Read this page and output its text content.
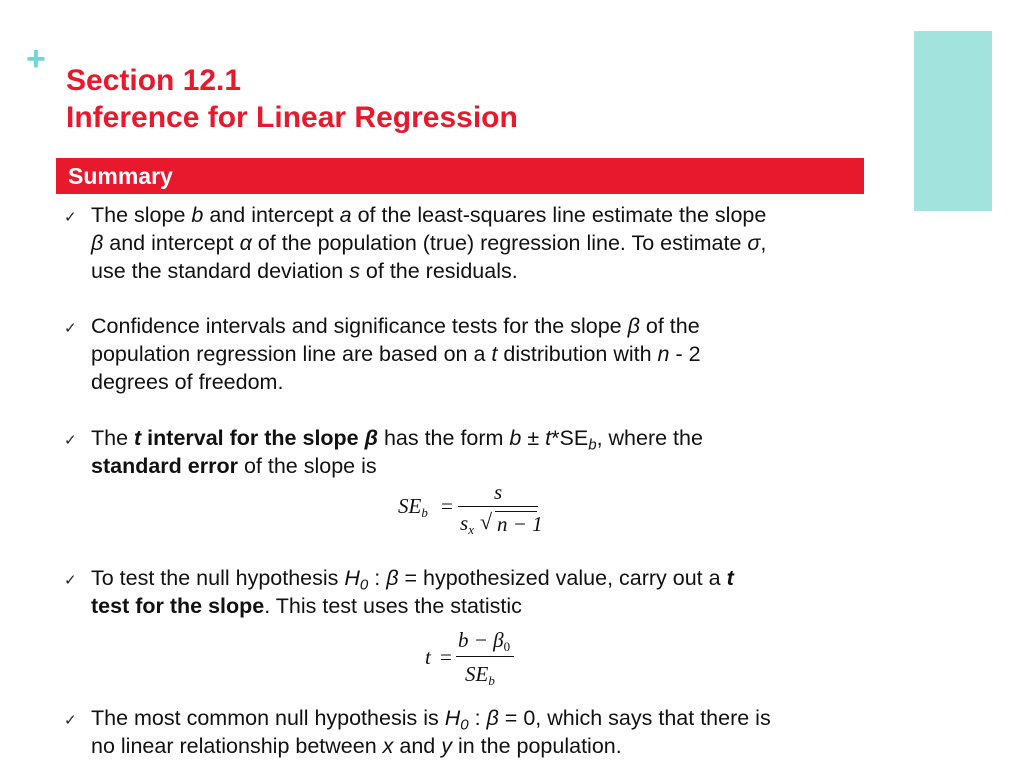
+
Section 12.1
Inference for Linear Regression
Summary
✓ The slope b and intercept a of the least-squares line estimate the slope
β and intercept α of the population (true) regression line. To estimate σ,
use the standard deviation s of the residuals.
✓ Confidence intervals and significance tests for the slope β of the
population regression line are based on a t distribution with n - 2
degrees of freedom.
✓ The t interval for the slope β has the form $b \pm t*SE_b$, where the
standard error of the slope is
$SE_b$ =
s
$s_x$ √ n − 1
✓ To test the null hypothesis $H_0$ : β = hypothesized value, carry out a t
test for the slope. This test uses the statistic
t =
$b - \beta_0$
$SE_b$
✓ The most common null hypothesis is $H_0$ : β = 0, which says that there is
no linear relationship between x and y in the population.
